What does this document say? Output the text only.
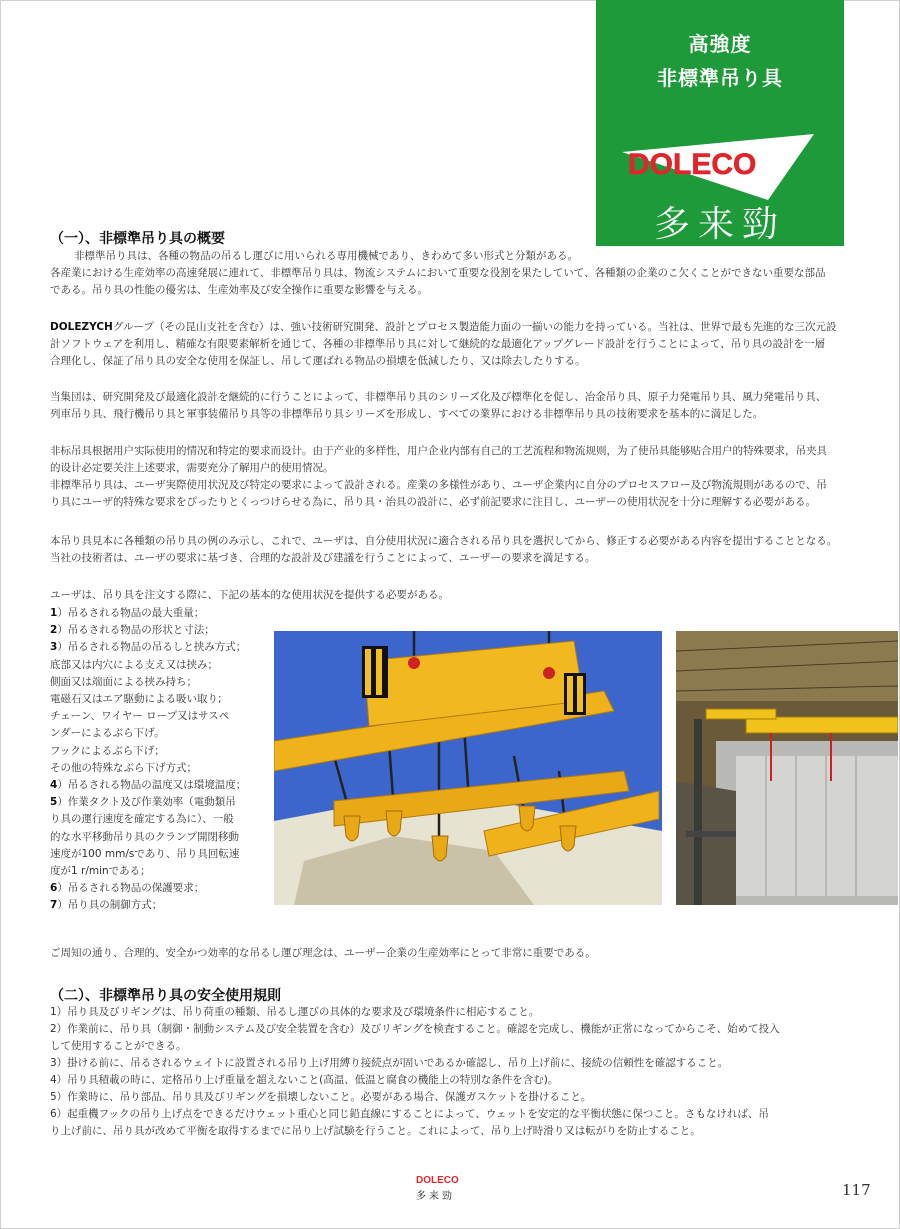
高強度
非標準吊り具
DOLECO
多来勁
（一）、非標準吊り具の概要
非標準吊り具は、各種の物品の吊るし運びに用いられる専用機械であり、きわめて多い形式と分類がある。
各産業における生産効率の高速発展に連れて、非標準吊り具は、物流システムにおいて重要な役割を果たしていて、各種類の企業のこ欠くことができない重要な部品
である。吊り具の性能の優劣は、生産効率及び安全操作に重要な影響を与える。
DOLEZYCHグループ（その昆山支社を含む）は、強い技術研究開発、設計とプロセス製造能力面の一揃いの能力を持っている。当社は、世界で最も先進的な三次元設
計ソフトウェアを利用し、精確な有限要素解析を通じて、各種の非標準吊り具に対して継続的な最適化アップグレード設計を行うことによって、吊り具の設計を一層
合理化し、保証了吊り具の安全な使用を保証し、吊して運ばれる物品の損壊を低減したり、又は除去したりする。
当集団は、研究開発及び最適化設計を継続的に行うことによって、非標準吊り具のシリーズ化及び標準化を促し、冶金吊り具、原子力発電吊り具、風力発電吊り具、
列車吊り具、飛行機吊り具と軍事装備吊り具等の非標準吊り具シリーズを形成し、すべての業界における非標準吊り具の技術要求を基本的に満足した。
非标吊具根据用户实际使用的情况和特定的要求而设计。由于产业的多样性，用户企业内部有自己的工艺流程和物流规则，为了使吊具能够贴合用户的特殊要求，吊夹具
的设计必定要关注上述要求，需要充分了解用户的使用情况。
非標準吊り具は、ユーザ実際使用状況及び特定の要求によって設計される。産業の多様性があり、ユーザ企業内に自分のプロセスフロー及び物流規則があるので、吊
り具にユーザ的特殊な要求をぴったりとくっつけらせる為に、吊り具・治具の設計に、必ず前記要求に注目し、ユーザーの使用状況を十分に理解する必要がある。
本吊り具見本に各種類の吊り具の例のみ示し、これで、ユーザは、自分使用状況に適合される吊り具を選択してから、修正する必要がある内容を提出することとなる。
当社の技術者は、ユーザの要求に基づき、合理的な設計及び建議を行うことによって、ユーザーの要求を満足する。
ユーザは、吊り具を注文する際に、下記の基本的な使用状況を提供する必要がある。
1）吊るされる物品の最大重量；
2）吊るされる物品の形状と寸法；
3）吊るされる物品の吊るしと挟み方式；
底部又は内穴による支え又は挟み；
側面又は端面による挟み持ち；
電磁石又はエア駆動による吸い取り;
チェーン、ワイヤー ロープ又はサスペ
ンダーによるぶら下げ。
フックによるぶら下げ；
その他の特殊なぶら下げ方式；
4）吊るされる物品の温度又は環境温度；
5）作業タクト及び作業効率（電動類吊
り具の運行速度を確定する為に）、一般
的な水平移動吊り具のクランプ開閉移動
速度が100 mm/sであり、吊り具回転速
度が1 r/minである；
6）吊るされる物品の保護要求；
7）吊り具の制御方式；
ご周知の通り、合理的、安全かつ効率的な吊るし運び理念は、ユーザー企業の生産効率にとって非常に重要である。
（二）、非標準吊り具の安全使用規則
1）吊り具及びリギングは、吊り荷重の種類、吊るし運びの具体的な要求及び環境条件に相応すること。
2）作業前に、吊り具（制御・制動システム及び安全装置を含む）及びリギングを検査すること。確認を完成し、機能が正常になってからこそ、始めて投入
して使用することができる。
3）掛ける前に、吊るされるウェイトに設置される吊り上げ用縛り接続点が固いであるか確認し、吊り上げ前に、接続の信頼性を確認すること。
4）吊り具積載の時に、定格吊り上げ重量を超えないこと(高温、低温と腐食の機能上の特別な条件を含む)。
5）作業時に、吊り部品、吊り具及びリギングを損壊しないこと。必要がある場合、保護ガスケットを掛けること。
6）起重機フックの吊り上げ点をできるだけウェット重心と同じ鉛直線にすることによって、ウェットを安定的な平衡状態に保つこと。さもなければ、吊
り上げ前に、吊り具が改めて平衡を取得するまでに吊り上げ試験を行うこと。これによって、吊り上げ時滑り又は転がりを防止すること。
DOLECO
多来勁	117
